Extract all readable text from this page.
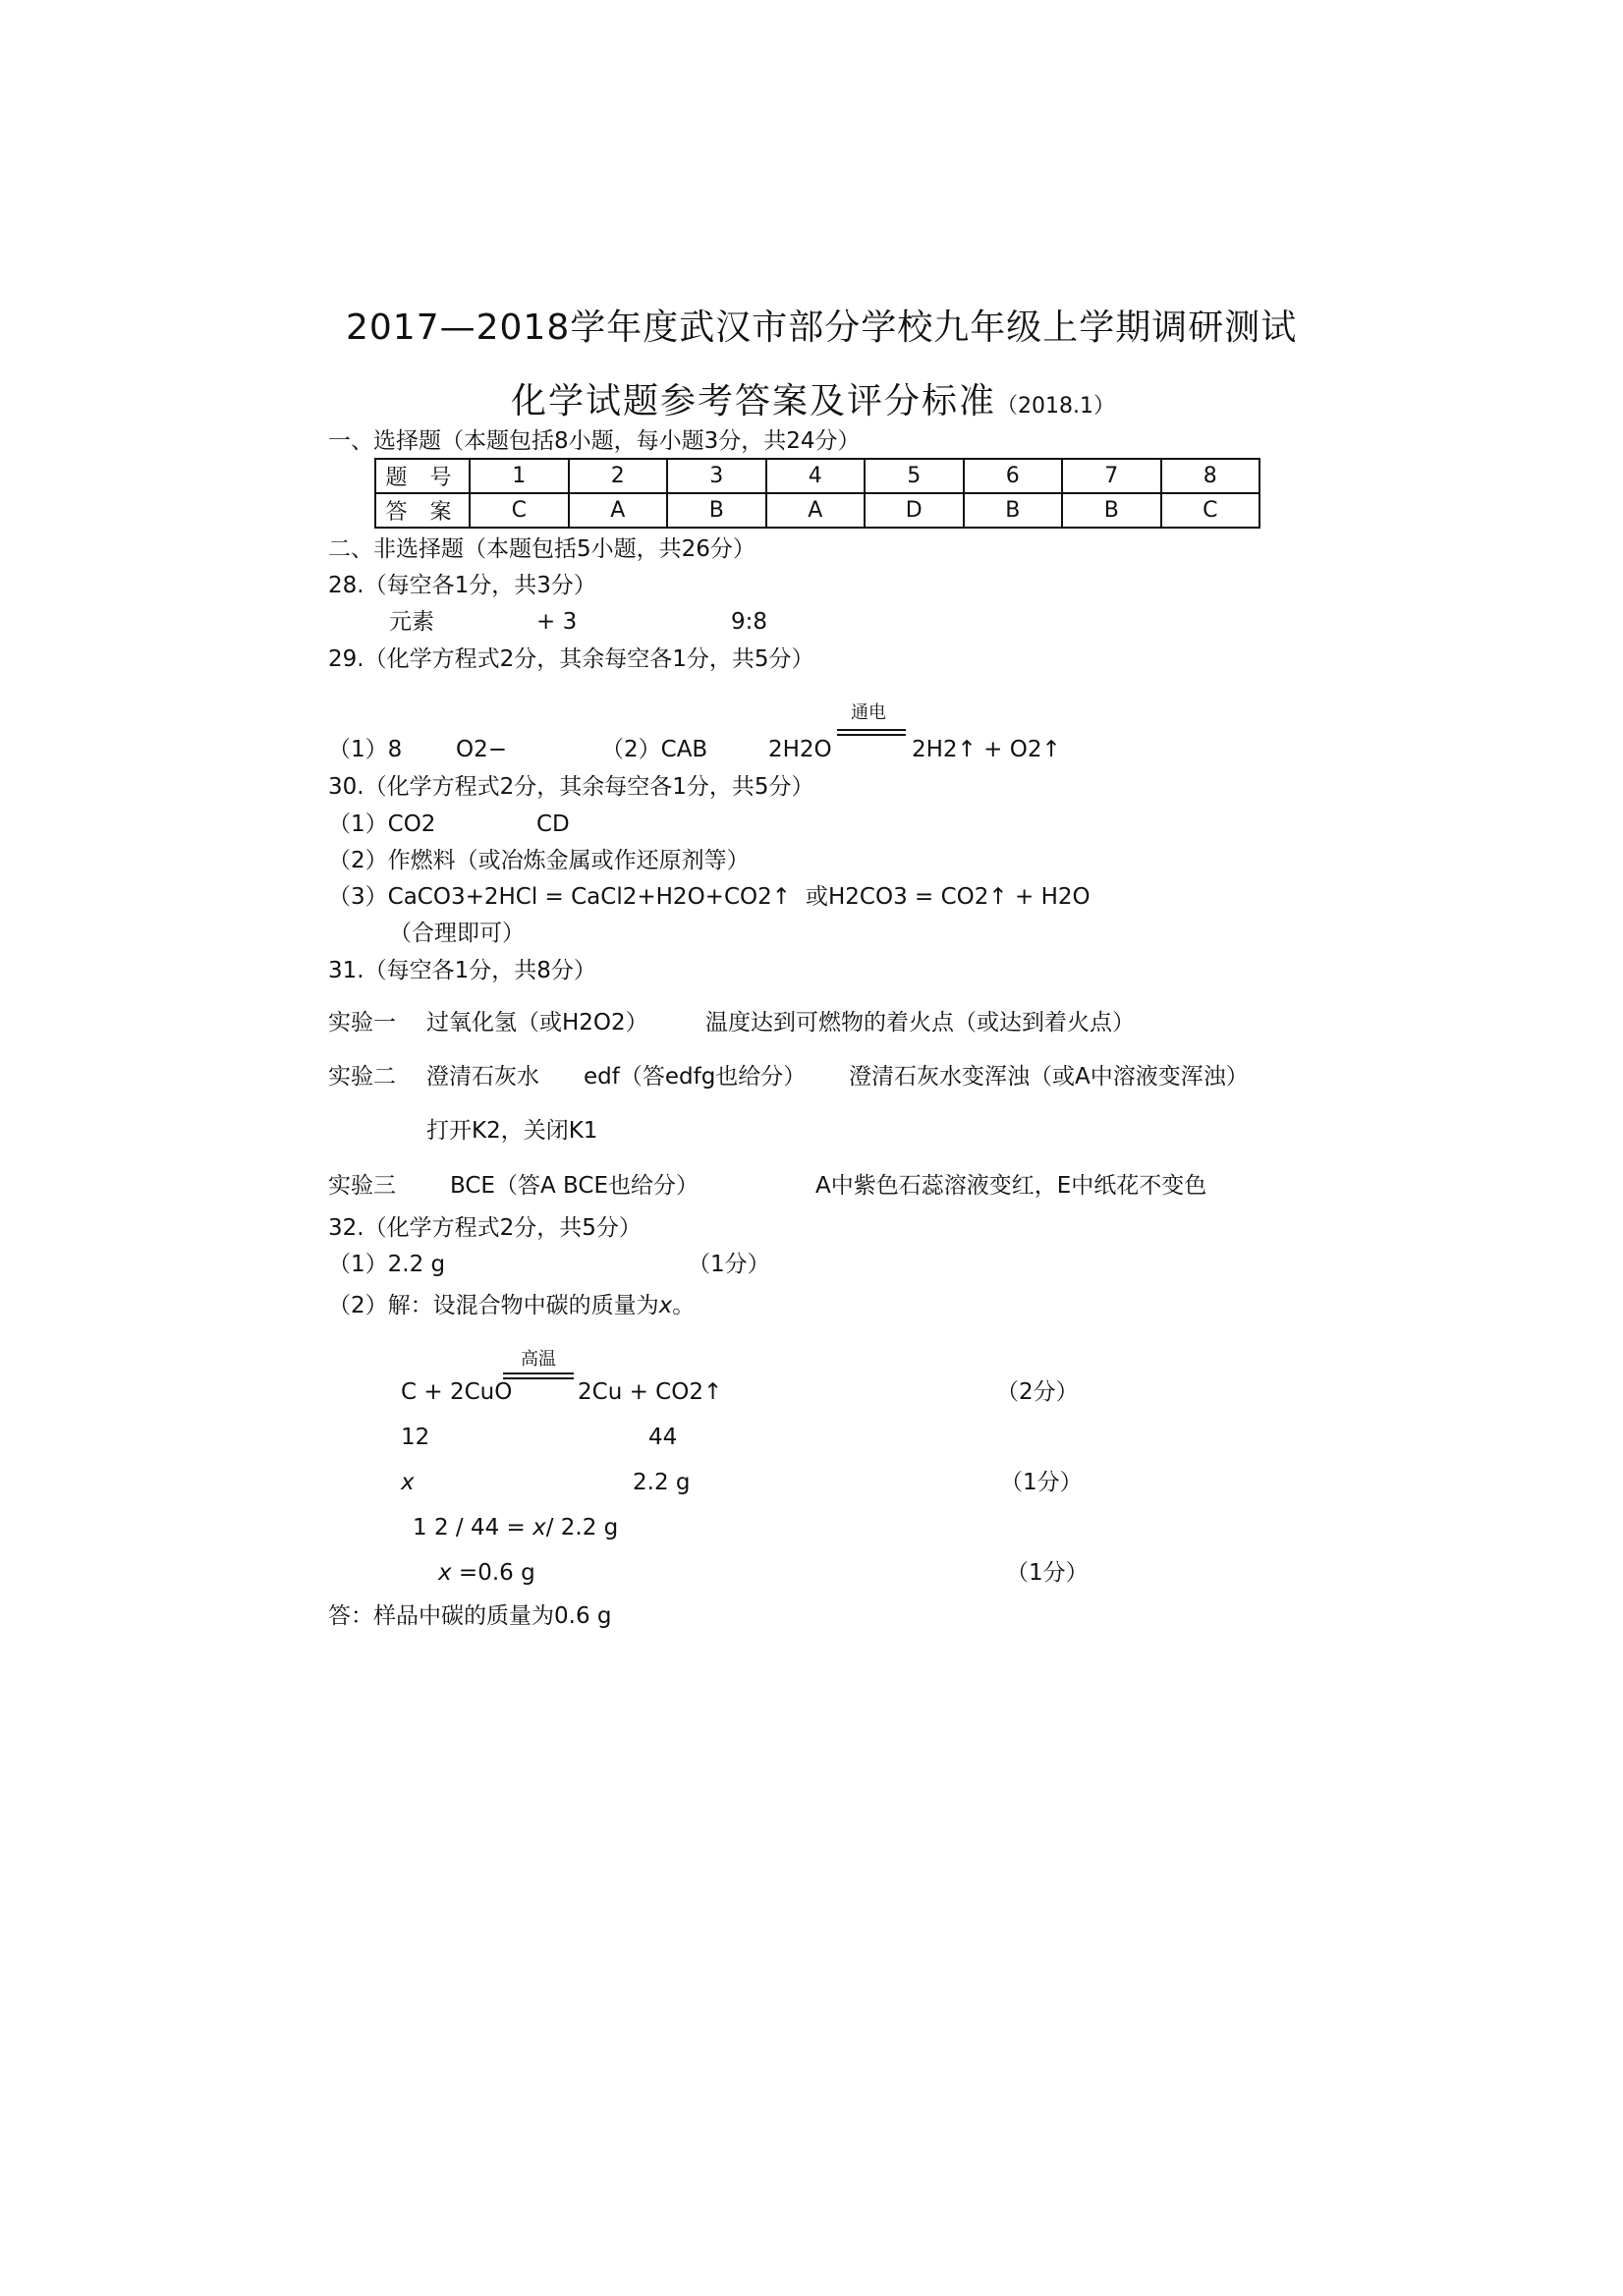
2017—2018学年度武汉市部分学校九年级上学期调研测试
化学试题参考答案及评分标准（2018.1）
一、选择题（本题包括8小题，每小题3分，共24分）
题 号	1	2	3	4	5	6	7	8
答 案	C	A	B	A	D	B	B	C
二、非选择题（本题包括5小题，共26分）
28.（每空各1分，共3分）
元素	+ 3	9:8
29.（化学方程式2分，其余每空各1分，共5分）
（1）8 O2−	（2）CAB	2H2O
通电
2H2↑ + O2↑
30.（化学方程式2分，其余每空各1分，共5分）
（1）CO2	CD
（2）作燃料（或冶炼金属或作还原剂等）
（3）CaCO3+2HCl = CaCl2+H2O+CO2↑ 或H2CO3 = CO2↑ + H2O
（合理即可）
31.（每空各1分，共8分）
实验一 过氧化氢（或H2O2）	温度达到可燃物的着火点（或达到着火点）
实验二 澄清石灰水 edf（答edfg也给分） 澄清石灰水变浑浊（或A中溶液变浑浊）
打开K2，关闭K1
实验三 BCE（答A BCE也给分）	A中紫色石蕊溶液变红，E中纸花不变色
32.（化学方程式2分，共5分）
（1）2.2 g	（1分）
（2）解：设混合物中碳的质量为x。
C + 2CuO
高温
2Cu + CO2↑	（2分）
12	44
x	2.2 g	（1分）
1 2 / 44 = x/ 2.2 g
x =0.6 g	（1分）
答：样品中碳的质量为0.6 g
